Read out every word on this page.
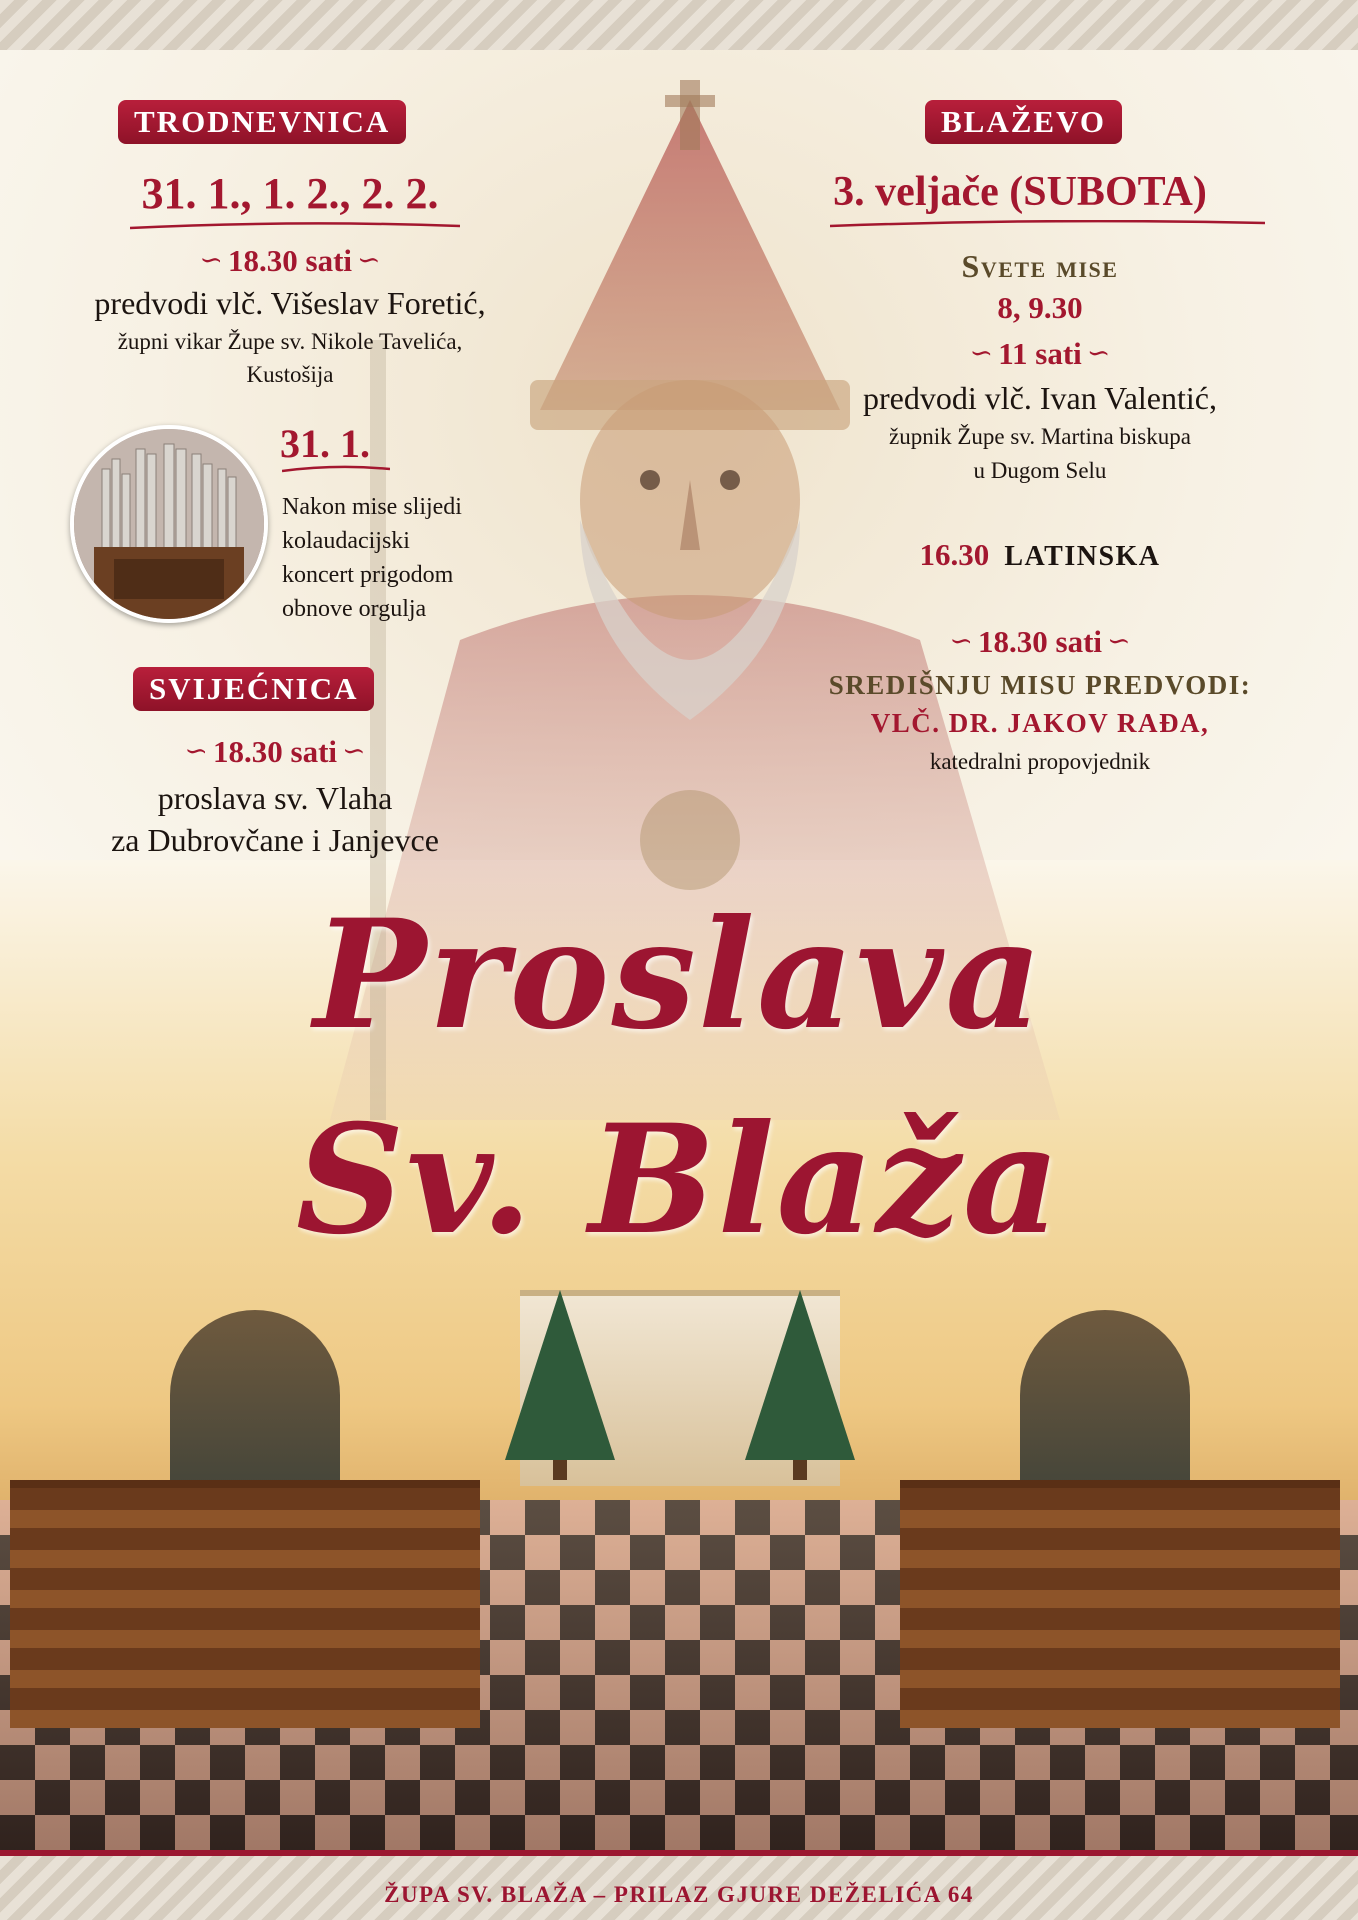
TRODNEVNICA
31. 1., 1. 2., 2. 2.
∽ 18.30 sati ∽
predvodi vlč. Višeslav Foretić,
župni vikar Župe sv. Nikole Tavelića,
Kustošija
31. 1.
Nakon mise slijedi
kolaudacijski
koncert prigodom
obnove orgulja
SVIJEĆNICA
∽ 18.30 sati ∽
proslava sv. Vlaha
za Dubrovčane i Janjevce
BLAŽEVO
3. veljače (SUBOTA)
Svete mise
8, 9.30
∽ 11 sati ∽
predvodi vlč. Ivan Valentić,
župnik Župe sv. Martina biskupa
u Dugom Selu
16.30 LATINSKA
∽ 18.30 sati ∽
SREDIŠNJU MISU PREDVODI:
VLČ. DR. JAKOV RAĐA,
katedralni propovjednik
Proslava
Sv. Blaža
ŽUPA SV. BLAŽA – PRILAZ GJURE DEŽELIĆA 64
